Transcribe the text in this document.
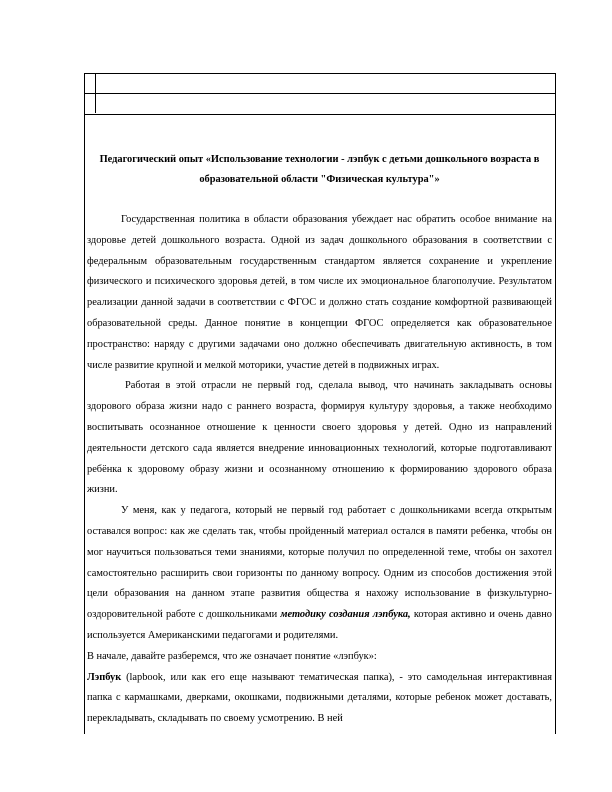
Педагогический опыт «Использование технологии - лэпбук с детьми дошкольного возраста в образовательной области "Физическая культура"»

Государственная политика в области образования убеждает нас обратить особое внимание на здоровье детей дошкольного возраста. Одной из задач дошкольного образования в соответствии с федеральным образовательным государственным стандартом является сохранение и укрепление физического и психического здоровья детей, в том числе их эмоциональное благополучие. Результатом реализации данной задачи в соответствии с ФГОС и должно стать создание комфортной развивающей образовательной среды. Данное понятие в концепции ФГОС определяется как образовательное пространство: наряду с другими задачами оно должно обеспечивать двигательную активность, в том числе развитие крупной и мелкой моторики, участие детей в подвижных играх.

Работая в этой отрасли не первый год, сделала вывод, что начинать закладывать основы здорового образа жизни надо с раннего возраста, формируя культуру здоровья, а также необходимо воспитывать осознанное отношение к ценности своего здоровья у детей. Одно из направлений деятельности детского сада является внедрение инновационных технологий, которые подготавливают ребёнка к здоровому образу жизни и осознанному отношению к формированию здорового образа жизни.

У меня, как у педагога, который не первый год работает с дошкольниками всегда открытым оставался вопрос: как же сделать так, чтобы пройденный материал остался в памяти ребенка, чтобы он мог научиться пользоваться теми знаниями, которые получил по определенной теме, чтобы он захотел самостоятельно расширить свои горизонты по данному вопросу. Одним из способов достижения этой цели образования на данном этапе развития общества я нахожу использование в физкультурно-оздоровительной работе с дошкольниками методику создания лэпбука, которая активно и очень давно используется Американскими педагогами и родителями.

В начале, давайте разберемся, что же означает понятие «лэпбук»:

Лэпбук (lapbook, или как его еще называют тематическая папка), - это самодельная интерактивная папка с кармашками, дверками, окошками, подвижными деталями, которые ребенок может доставать, перекладывать, складывать по своему усмотрению. В ней
